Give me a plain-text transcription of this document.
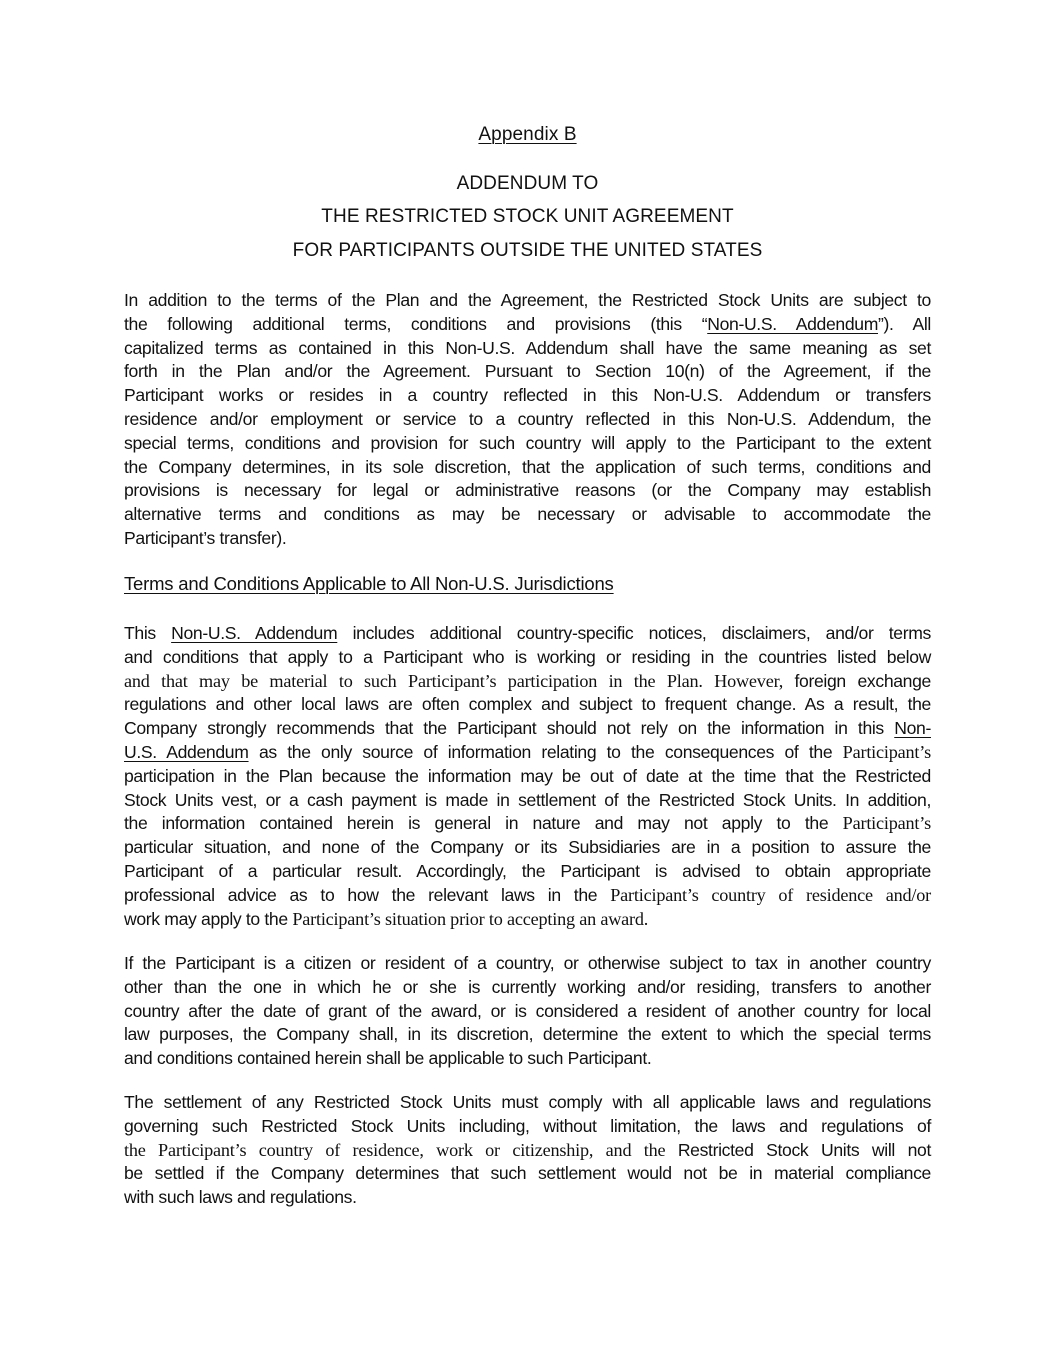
Appendix B
ADDENDUM TO
THE RESTRICTED STOCK UNIT AGREEMENT
FOR PARTICIPANTS OUTSIDE THE UNITED STATES
In addition to the terms of the Plan and the Agreement, the Restricted Stock Units are subject to
the following additional terms, conditions and provisions (this “Non-U.S. Addendum”). All
capitalized terms as contained in this Non-U.S. Addendum shall have the same meaning as set
forth in the Plan and/or the Agreement. Pursuant to Section 10(n) of the Agreement, if the
Participant works or resides in a country reflected in this Non-U.S. Addendum or transfers
residence and/or employment or service to a country reflected in this Non-U.S. Addendum, the
special terms, conditions and provision for such country will apply to the Participant to the extent
the Company determines, in its sole discretion, that the application of such terms, conditions and
provisions is necessary for legal or administrative reasons (or the Company may establish
alternative terms and conditions as may be necessary or advisable to accommodate the
Participant’s transfer).
Terms and Conditions Applicable to All Non-U.S. Jurisdictions
This Non-U.S. Addendum includes additional country-specific notices, disclaimers, and/or terms
and conditions that apply to a Participant who is working or residing in the countries listed below
and that may be material to such Participant’s participation in the Plan. However, foreign exchange
regulations and other local laws are often complex and subject to frequent change. As a result, the
Company strongly recommends that the Participant should not rely on the information in this Non-
U.S. Addendum as the only source of information relating to the consequences of the Participant’s
participation in the Plan because the information may be out of date at the time that the Restricted
Stock Units vest, or a cash payment is made in settlement of the Restricted Stock Units. In addition,
the information contained herein is general in nature and may not apply to the Participant’s
particular situation, and none of the Company or its Subsidiaries are in a position to assure the
Participant of a particular result. Accordingly, the Participant is advised to obtain appropriate
professional advice as to how the relevant laws in the Participant’s country of residence and/or
work may apply to the Participant’s situation prior to accepting an award.
If the Participant is a citizen or resident of a country, or otherwise subject to tax in another country
other than the one in which he or she is currently working and/or residing, transfers to another
country after the date of grant of the award, or is considered a resident of another country for local
law purposes, the Company shall, in its discretion, determine the extent to which the special terms
and conditions contained herein shall be applicable to such Participant.
The settlement of any Restricted Stock Units must comply with all applicable laws and regulations
governing such Restricted Stock Units including, without limitation, the laws and regulations of
the Participant’s country of residence, work or citizenship, and the Restricted Stock Units will not
be settled if the Company determines that such settlement would not be in material compliance
with such laws and regulations.
